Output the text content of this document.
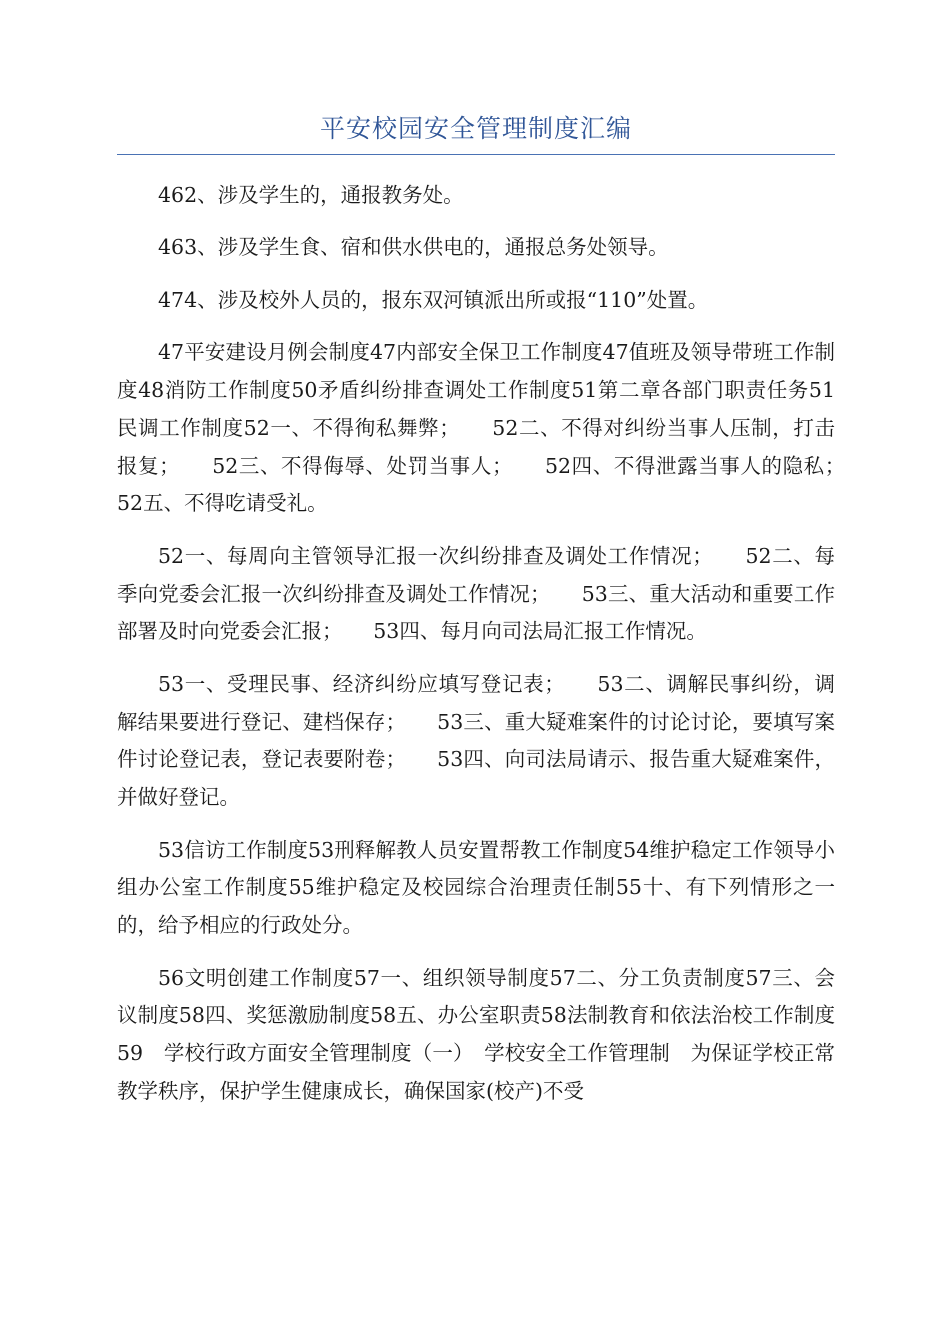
平安校园安全管理制度汇编

462、涉及学生的，通报教务处。

463、涉及学生食、宿和供水供电的，通报总务处领导。

474、涉及校外人员的，报东双河镇派出所或报“110”处置。

47平安建设月例会制度47内部安全保卫工作制度47值班及领导带班工作制度48消防工作制度50矛盾纠纷排查调处工作制度51第二章各部门职责任务51民调工作制度52一、不得徇私舞弊；　　52二、不得对纠纷当事人压制，打击报复；　　52三、不得侮辱、处罚当事人；　　52四、不得泄露当事人的隐私；　　52五、不得吃请受礼。

52一、每周向主管领导汇报一次纠纷排查及调处工作情况；　　52二、每季向党委会汇报一次纠纷排查及调处工作情况；　　53三、重大活动和重要工作部署及时向党委会汇报；　　53四、每月向司法局汇报工作情况。

53一、受理民事、经济纠纷应填写登记表；　　53二、调解民事纠纷，调解结果要进行登记、建档保存；　　53三、重大疑难案件的讨论讨论，要填写案件讨论登记表，登记表要附卷；　　53四、向司法局请示、报告重大疑难案件，并做好登记。

53信访工作制度53刑释解教人员安置帮教工作制度54维护稳定工作领导小组办公室工作制度55维护稳定及校园综合治理责任制55十、有下列情形之一的，给予相应的行政处分。

56文明创建工作制度57一、组织领导制度57二、分工负责制度57三、会议制度58四、奖惩激励制度58五、办公室职责58法制教育和依法治校工作制度59　学校行政方面安全管理制度（一）　学校安全工作管理制　为保证学校正常教学秩序，保护学生健康成长，确保国家(校产)不受
